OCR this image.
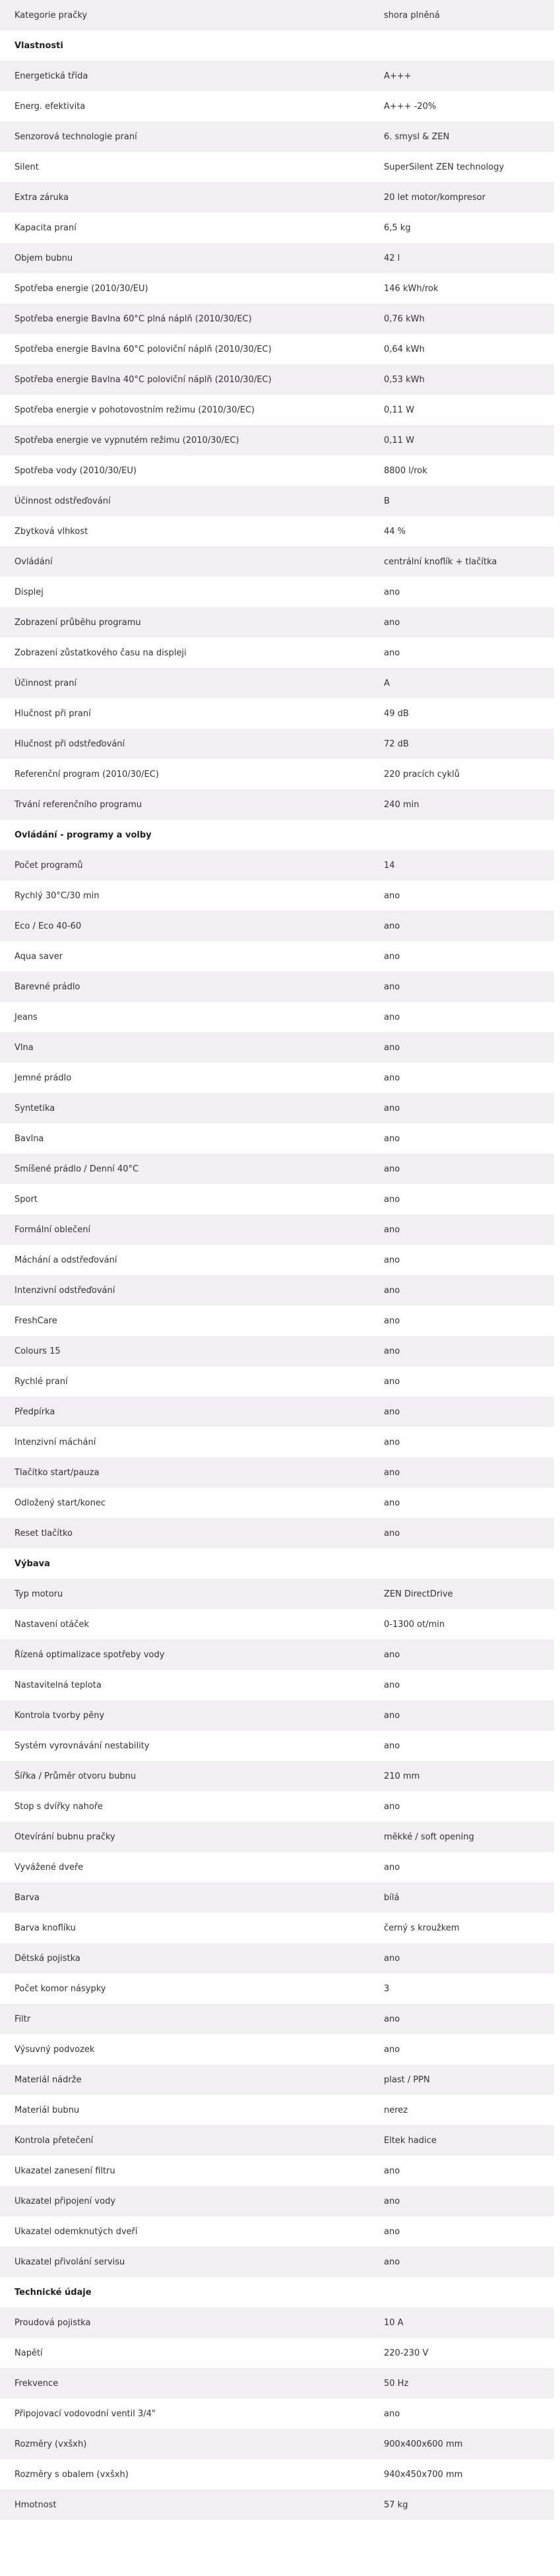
Kategorie pračky	shora plněná
Vlastnosti	
Energetická třída	A+++
Energ. efektivita	A+++ -20%
Senzorová technologie praní	6. smysl & ZEN
Silent	SuperSilent ZEN technology
Extra záruka	20 let motor/kompresor
Kapacita praní	6,5 kg
Objem bubnu	42 l
Spotřeba energie (2010/30/EU)	146 kWh/rok
Spotřeba energie Bavlna 60°C plná náplň (2010/30/EC)	0,76 kWh
Spotřeba energie Bavlna 60°C poloviční náplň (2010/30/EC)	0,64 kWh
Spotřeba energie Bavlna 40°C poloviční náplň (2010/30/EC)	0,53 kWh
Spotřeba energie v pohotovostním režimu (2010/30/EC)	0,11 W
Spotřeba energie ve vypnutém režimu (2010/30/EC)	0,11 W
Spotřeba vody (2010/30/EU)	8800 l/rok
Účinnost odstřeďování	B
Zbytková vlhkost	44 %
Ovládání	centrální knoflík + tlačítka
Displej	ano
Zobrazení průběhu programu	ano
Zobrazení zůstatkového času na displeji	ano
Účinnost praní	A
Hlučnost při praní	49 dB
Hlučnost při odstřeďování	72 dB
Referenční program (2010/30/EC)	220 pracích cyklů
Trvání referenčního programu	240 min
Ovládání - programy a volby	
Počet programů	14
Rychlý 30°C/30 min	ano
Eco / Eco 40-60	ano
Aqua saver	ano
Barevné prádlo	ano
Jeans	ano
Vlna	ano
Jemné prádlo	ano
Syntetika	ano
Bavlna	ano
Smíšené prádlo / Denní 40°C	ano
Sport	ano
Formální oblečení	ano
Máchání a odstřeďování	ano
Intenzivní odstřeďování	ano
FreshCare	ano
Colours 15	ano
Rychlé praní	ano
Předpírka	ano
Intenzivní máchání	ano
Tlačítko start/pauza	ano
Odložený start/konec	ano
Reset tlačítko	ano
Výbava	
Typ motoru	ZEN DirectDrive
Nastavení otáček	0-1300 ot/min
Řízená optimalizace spotřeby vody	ano
Nastavitelná teplota	ano
Kontrola tvorby pěny	ano
Systém vyrovnávání nestability	ano
Šířka / Průměr otvoru bubnu	210 mm
Stop s dvířky nahoře	ano
Otevírání bubnu pračky	měkké / soft opening
Vyvážené dveře	ano
Barva	bílá
Barva knoflíku	černý s kroužkem
Dětská pojistka	ano
Počet komor násypky	3
Filtr	ano
Výsuvný podvozek	ano
Materiál nádrže	plast / PPN
Materiál bubnu	nerez
Kontrola přetečení	Eltek hadice
Ukazatel zanesení filtru	ano
Ukazatel připojení vody	ano
Ukazatel odemknutých dveří	ano
Ukazatel přivolání servisu	ano
Technické údaje	
Proudová pojistka	10 A
Napětí	220-230 V
Frekvence	50 Hz
Připojovací vodovodní ventil 3/4"	ano
Rozměry (vxšxh)	900x400x600 mm
Rozměry s obalem (vxšxh)	940x450x700 mm
Hmotnost	57 kg
